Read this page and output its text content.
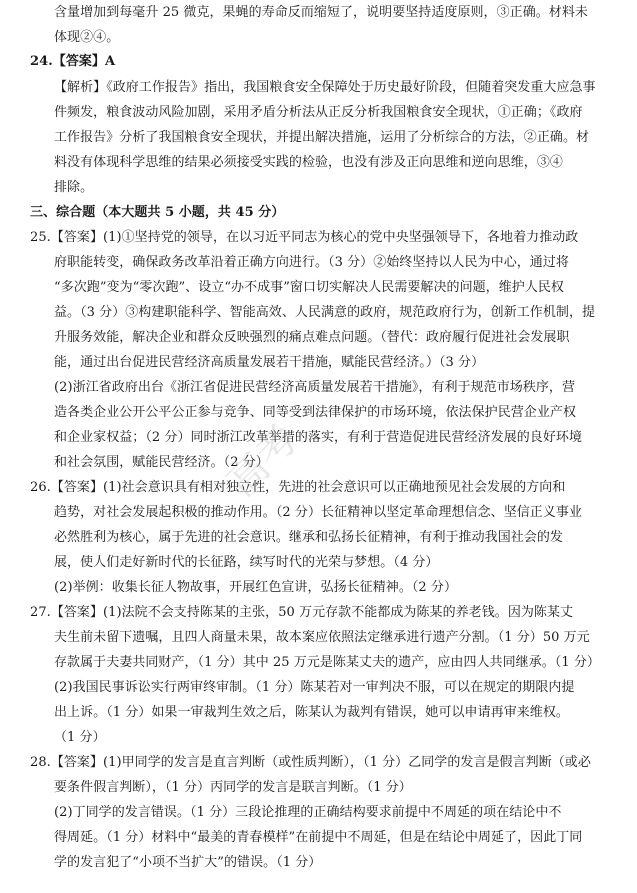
含量增加到每毫升 25 微克，果蝇的寿命反而缩短了，说明要坚持适度原则，③正确。材料未
体现②④。
24.【答案】A
【解析】《政府工作报告》指出，我国粮食安全保障处于历史最好阶段，但随着突发重大应急事
件频发，粮食波动风险加剧，采用矛盾分析法从正反分析我国粮食安全现状，①正确；《政府
工作报告》分析了我国粮食安全现状，并提出解决措施，运用了分析综合的方法，②正确。材
料没有体现科学思维的结果必须接受实践的检验，也没有涉及正向思维和逆向思维，③④
排除。
三、综合题（本大题共 5 小题，共 45 分）
25.【答案】(1)①坚持党的领导，在以习近平同志为核心的党中央坚强领导下，各地着力推动政
府职能转变，确保政务改革沿着正确方向进行。（3 分）②始终坚持以人民为中心，通过将
“多次跑”变为“零次跑”、设立“办不成事”窗口切实解决人民需要解决的问题，维护人民权
益。（3 分）③构建职能科学、智能高效、人民满意的政府，规范政府行为，创新工作机制，提
升服务效能，解决企业和群众反映强烈的痛点难点问题。（替代：政府履行促进社会发展职
能，通过出台促进民营经济高质量发展若干措施，赋能民营经济。）（3 分）
(2)浙江省政府出台《浙江省促进民营经济高质量发展若干措施》，有利于规范市场秩序，营
造各类企业公开公平公正参与竞争、同等受到法律保护的市场环境，依法保护民营企业产权
和企业家权益；（2 分）同时浙江改革举措的落实，有利于营造促进民营经济发展的良好环境
和社会氛围，赋能民营经济。（2 分）
26.【答案】(1)社会意识具有相对独立性，先进的社会意识可以正确地预见社会发展的方向和
趋势，对社会发展起积极的推动作用。（2 分）长征精神以坚定革命理想信念、坚信正义事业
必然胜利为核心，属于先进的社会意识。继承和弘扬长征精神，有利于推动我国社会的发
展，使人们走好新时代的长征路，续写时代的光荣与梦想。（4 分）
(2)举例：收集长征人物故事，开展红色宣讲，弘扬长征精神。（2 分）
27.【答案】(1)法院不会支持陈某的主张，50 万元存款不能都成为陈某的养老钱。因为陈某丈
夫生前未留下遗嘱，且四人商量未果，故本案应依照法定继承进行遗产分割。（1 分）50 万元
存款属于夫妻共同财产，（1 分）其中 25 万元是陈某丈夫的遗产，应由四人共同继承。（1 分）
(2)我国民事诉讼实行两审终审制。（1 分）陈某若对一审判决不服，可以在规定的期限内提
出上诉。（1 分）如果一审裁判生效之后，陈某认为裁判有错误，她可以申请再审来维权。
（1 分）
28.【答案】(1)甲同学的发言是直言判断（或性质判断），（1 分）乙同学的发言是假言判断（或必
要条件假言判断），（1 分）丙同学的发言是联言判断。（1 分）
(2)丁同学的发言错误。（1 分）三段论推理的正确结构要求前提中不周延的项在结论中不
得周延。（1 分）材料中“最美的青春模样”在前提中不周延，但是在结论中周延了，因此丁同
学的发言犯了“小项不当扩大”的错误。（1 分）
高考
